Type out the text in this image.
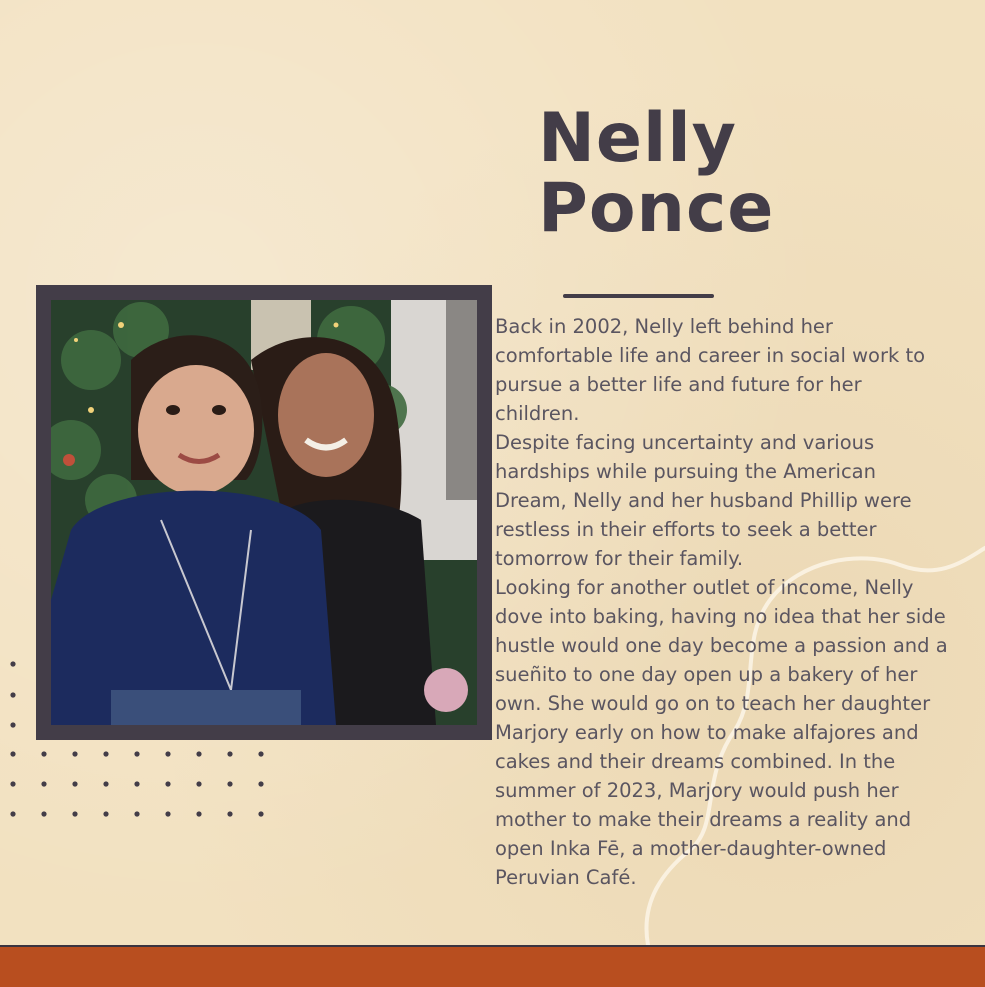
Nelly
Ponce
Back in 2002, Nelly left behind her
comfortable life and career in social work to
pursue a better life and future for her
children.
Despite facing uncertainty and various
hardships while pursuing the American
Dream, Nelly and her husband Phillip were
restless in their efforts to seek a better
tomorrow for their family.
Looking for another outlet of income, Nelly
dove into baking, having no idea that her side
hustle would one day become a passion and a
sueñito to one day open up a bakery of her
own. She would go on to teach her daughter
Marjory early on how to make alfajores and
cakes and their dreams combined. In the
summer of 2023, Marjory would push her
mother to make their dreams a reality and
open Inka Fē, a mother-daughter-owned
Peruvian Café.
